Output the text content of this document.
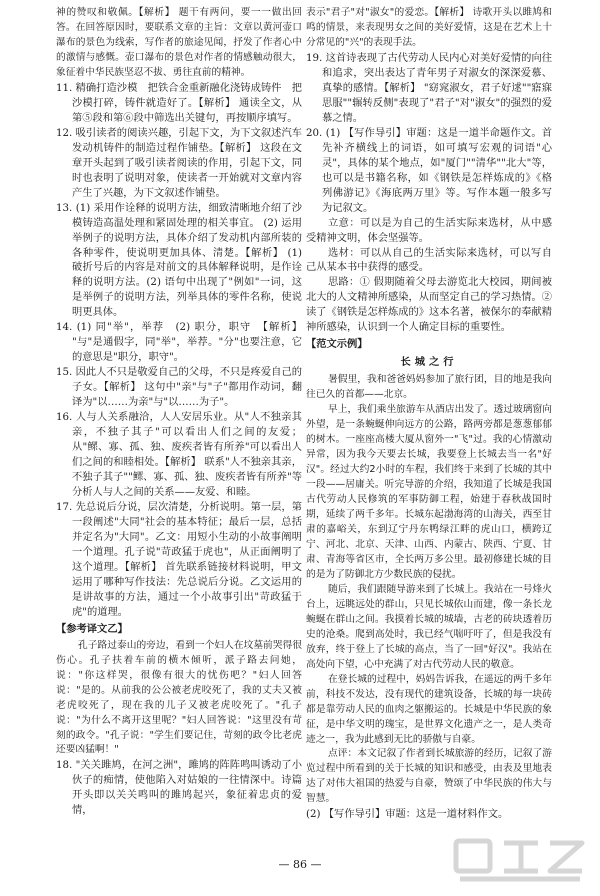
神的赞叹和敬佩。【解析】 题干有两问，要一一做出回答。在回答原因时，要联系文章的主旨：文章以黄河壶口瀑布的景色为线索，写作者的旅途见闻，抒发了作者心中的激情与感慨。壶口瀑布的景色对作者的情感触动很大，象征着中华民族坚忍不拔、勇往直前的精神。

11. 精确打造沙模　把铁合金重新融化浇铸成铸件　把沙模打碎，铸件就造好了。【解析】 通读全文，从第⑤段和第⑥段中筛选出关键句，再按顺序填写。

12. 吸引读者的阅读兴趣，引起下文，为下文叙述汽车发动机铸件的制造过程作铺垫。【解析】 这段在文章开头起到了吸引读者阅读的作用，引起下文，同时也表明了说明对象，使读者一开始就对文章内容产生了兴趣，为下文叙述作铺垫。

13. (1) 采用作诠释的说明方法，细致清晰地介绍了沙模铸造高温处理和紧固处理的相关事宜。 (2) 运用举例子的说明方法，具体介绍了发动机内部所装的各种零件，使说明更加具体、清楚。【解析】 (1) 破折号后的内容是对前文的具体解释说明，是作诠释的说明方法。(2) 语句中出现了"例如"一词，这是举例子的说明方法，列举具体的零件名称，使说明更具体。

14. (1) 同"举"，举荐　(2) 职分，职守　【解析】 "与"是通假字，同"举"，举荐。"分"也要注意，它的意思是"职分，职守"。

15. 因此人不只是敬爱自己的父母，不只是疼爱自己的子女。【解析】 这句中"亲"与"子"都用作动词，翻译为"以……为亲"与"以……为子"。

16. 人与人关系融洽，人人安居乐业。从"人不独亲其亲，不独子其子"可以看出人们之间的友爱；从"鳏、寡、孤、独、废疾者皆有所养"可以看出人们之间的和睦相处。【解析】 联系"人不独亲其亲，不独子其子""鳏、寡、孤、独、废疾者皆有所养"等分析人与人之间的关系——友爱、和睦。

17. 先总说后分说，层次清楚，分析说明。第一层，第一段阐述"大同"社会的基本特征；最后一层，总括并定名为"大同"。乙文：用短小生动的小故事阐明一个道理。孔子说"苛政猛于虎也"，从正面阐明了这个道理。【解析】 首先联系链接材料说明，甲文运用了哪种写作技法：先总说后分说。乙文运用的是讲故事的方法，通过一个小故事引出"苛政猛于虎"的道理。

【参考译文乙】

孔子路过泰山的旁边，看到一个妇人在坟墓前哭得很伤心。孔子扶着车前的横木倾听，派子路去问她，说："你这样哭，很像有很大的忧伤吧？"妇人回答说："是的。从前我的公公被老虎咬死了，我的丈夫又被老虎咬死了，现在我的儿子又被老虎咬死了。"孔子说："为什么不离开这里呢？"妇人回答说："这里没有苛刻的政令。"孔子说："学生们要记住，苛刻的政令比老虎还要凶猛啊！"

18. "关关雎鸠，在河之洲"，雎鸠的阵阵鸣叫诱动了小伙子的痴情，使他陷入对姑娘的一往情深中。诗篇开头即以关关鸣叫的雎鸠起兴，象征着忠贞的爱情，

表示"君子"对"淑女"的爱恋。【解析】 诗歌开头以雎鸠和鸣的情景，来表现男女之间的美好爱情，这是在艺术上十分常见的"兴"的表现手法。

19. 这首诗表现了古代劳动人民内心对美好爱情的向往和追求，突出表达了青年男子对淑女的深深爱慕、真挚的感情。【解析】 "窈窕淑女，君子好逑""寤寐思服""辗转反侧"表现了"君子"对"淑女"的强烈的爱慕之情。

20. (1) 【写作导引】审题：这是一道半命题作文。首先补齐横线上的词语，如可填写宏观的词语"心灵"，具体的某个地点，如"厦门""清华""北大"等，也可以是书籍名称，如《钢铁是怎样炼成的》《格列佛游记》《海底两万里》等。写作本题一般多写为记叙文。

立意：可以是为自己的生活实际来选材，从中感受精神文明，体会坚强等。

选材：可以从自己的生活实际来选材，可以写自己从某本书中获得的感受。

思路：① 假期随着父母去游览北大校园，期间被北大的人文精神所感染，从而坚定自己的学习热情。② 读了《钢铁是怎样炼成的》这本名著，被保尔的奉献精神所感染，认识到一个人确定目标的重要性。

【范文示例】

长城之行

暑假里，我和爸爸妈妈参加了旅行团，目的地是我向往已久的首都——北京。

早上，我们乘坐旅游车从酒店出发了。透过玻璃窗向外望，是一条蜿蜒伸向远方的公路，路两旁都是葱葱郁郁的树木。一座座高楼大厦从窗外一"飞"过。我的心情激动异常，因为我今天要去长城，我要登上长城去当一名"好汉"。经过大约2小时的车程，我们终于来到了长城的其中一段——居庸关。听完导游的介绍，我知道了长城是我国古代劳动人民修筑的军事防御工程，始建于春秋战国时期，延续了两千多年。长城东起渤海湾的山海关，西至甘肃的嘉峪关，东到辽宁丹东鸭绿江畔的虎山口，横跨辽宁、河北、北京、天津、山西、内蒙古、陕西、宁夏、甘肃、青海等省区市，全长两万多公里。最初修建长城的目的是为了防御北方少数民族的侵扰。

随后，我们跟随导游来到了长城上。我站在一号烽火台上，远眺远处的群山，只见长城依山而建，像一条长龙蜿蜒在群山之间。我摸着长城的城墙，古老的砖块透着历史的沧桑。爬到高处时，我已经气喘吁吁了，但是我没有放弃，终于登上了长城的高点，当了一回"好汉"。我站在高处向下望，心中充满了对古代劳动人民的敬意。

在登长城的过程中，妈妈告诉我，在遥远的两千多年前，科技不发达，没有现代的建筑设备，长城的每一块砖都是靠劳动人民的血肉之躯搬运的。长城是中华民族的象征，是中华文明的瑰宝，是世界文化遗产之一，是人类奇迹之一，我为此感到无比的骄傲与自豪。

点评：本文记叙了作者到长城旅游的经历，记叙了游览过程中所看到的关于长城的知识和感受，由表及里地表达了对伟大祖国的热爱与自豪，赞颂了中华民族的伟大与智慧。

(2) 【写作导引】审题：这是一道材料作文。

— 86 —
